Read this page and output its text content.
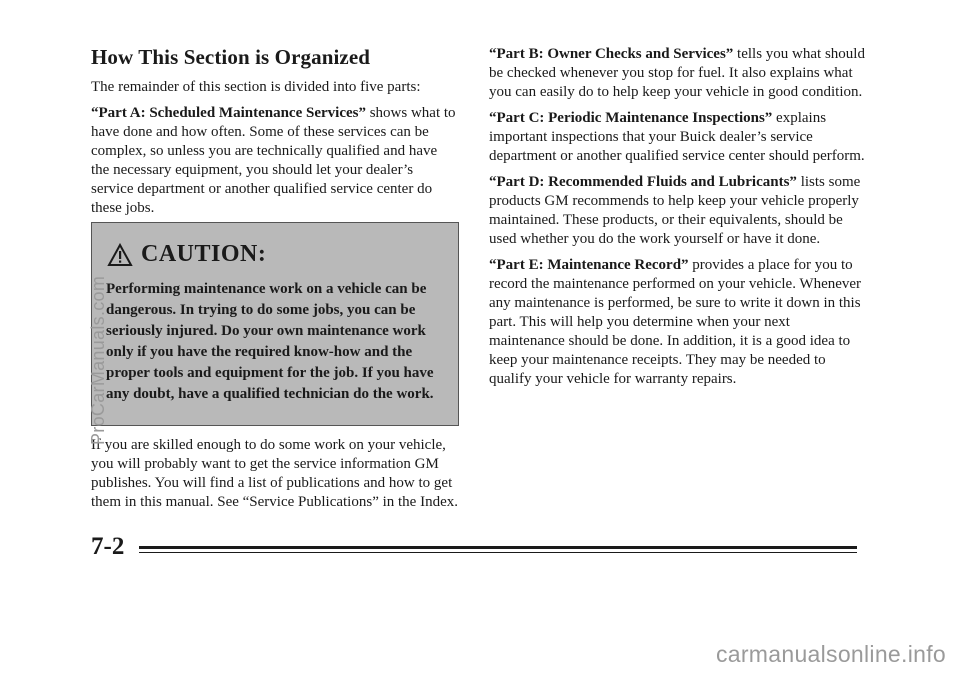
How This Section is Organized

The remainder of this section is divided into five parts:

“Part A: Scheduled Maintenance Services” shows what to have done and how often. Some of these services can be complex, so unless you are technically qualified and have the necessary equipment, you should let your dealer’s service department or another qualified service center do these jobs.

CAUTION:
Performing maintenance work on a vehicle can be dangerous. In trying to do some jobs, you can be seriously injured. Do your own maintenance work only if you have the required know-how and the proper tools and equipment for the job. If you have any doubt, have a qualified technician do the work.

If you are skilled enough to do some work on your vehicle, you will probably want to get the service information GM publishes. You will find a list of publications and how to get them in this manual. See “Service Publications” in the Index.

“Part B: Owner Checks and Services” tells you what should be checked whenever you stop for fuel. It also explains what you can easily do to help keep your vehicle in good condition.

“Part C: Periodic Maintenance Inspections” explains important inspections that your Buick dealer’s service department or another qualified service center should perform.

“Part D: Recommended Fluids and Lubricants” lists some products GM recommends to help keep your vehicle properly maintained. These products, or their equivalents, should be used whether you do the work yourself or have it done.

“Part E: Maintenance Record” provides a place for you to record the maintenance performed on your vehicle. Whenever any maintenance is performed, be sure to write it down in this part. This will help you determine when your next maintenance should be done. In addition, it is a good idea to keep your maintenance receipts. They may be needed to qualify your vehicle for warranty repairs.

7-2
ProCarManuals.com
carmanualsonline.info
